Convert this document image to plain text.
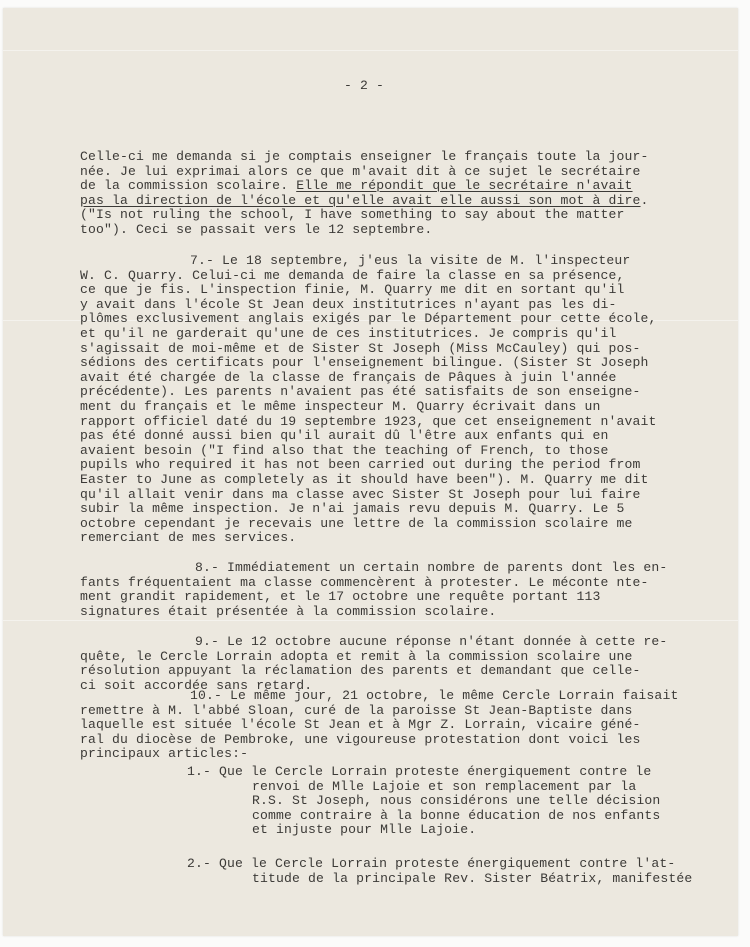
- 2 -
Celle-ci me demanda si je comptais enseigner le français toute la jour-
née. Je lui exprimai alors ce que m'avait dit à ce sujet le secrétaire
de la commission scolaire. Elle me répondit que le secrétaire n'avait
pas la direction de l'école et qu'elle avait elle aussi son mot à dire.
("Is not ruling the school, I have something to say about the matter
too"). Ceci se passait vers le 12 septembre.
7.- Le 18 septembre, j'eus la visite de M. l'inspecteur
W. C. Quarry. Celui-ci me demanda de faire la classe en sa présence,
ce que je fis. L'inspection finie, M. Quarry me dit en sortant qu'il
y avait dans l'école St Jean deux institutrices n'ayant pas les di-
plômes exclusivement anglais exigés par le Département pour cette école,
et qu'il ne garderait qu'une de ces institutrices. Je compris qu'il
s'agissait de moi-même et de Sister St Joseph (Miss McCauley) qui pos-
sédions des certificats pour l'enseignement bilingue. (Sister St Joseph
avait été chargée de la classe de français de Pâques à juin l'année
précédente). Les parents n'avaient pas été satisfaits de son enseigne-
ment du français et le même inspecteur M. Quarry écrivait dans un
rapport officiel daté du 19 septembre 1923, que cet enseignement n'avait
pas été donné aussi bien qu'il aurait dû l'être aux enfants qui en
avaient besoin ("I find also that the teaching of French, to those
pupils who required it has not been carried out during the period from
Easter to June as completely as it should have been"). M. Quarry me dit
qu'il allait venir dans ma classe avec Sister St Joseph pour lui faire
subir la même inspection. Je n'ai jamais revu depuis M. Quarry. Le 5
octobre cependant je recevais une lettre de la commission scolaire me
remerciant de mes services.
8.- Immédiatement un certain nombre de parents dont les en-
fants fréquentaient ma classe commencèrent à protester. Le méconte nte-
ment grandit rapidement, et le 17 octobre une requête portant 113
signatures était présentée à la commission scolaire.
9.- Le 12 octobre aucune réponse n'étant donnée à cette re-
quête, le Cercle Lorrain adopta et remit à la commission scolaire une
résolution appuyant la réclamation des parents et demandant que celle-
ci soit accordée sans retard.
10.- Le même jour, 21 octobre, le même Cercle Lorrain faisait
remettre à M. l'abbé Sloan, curé de la paroisse St Jean-Baptiste dans
laquelle est située l'école St Jean et à Mgr Z. Lorrain, vicaire géné-
ral du diocèse de Pembroke, une vigoureuse protestation dont voici les
principaux articles:-
1.- Que le Cercle Lorrain proteste énergiquement contre le
renvoi de Mlle Lajoie et son remplacement par la
R.S. St Joseph, nous considérons une telle décision
comme contraire à la bonne éducation de nos enfants
et injuste pour Mlle Lajoie.
2.- Que le Cercle Lorrain proteste énergiquement contre l'at-
titude de la principale Rev. Sister Béatrix, manifestée
